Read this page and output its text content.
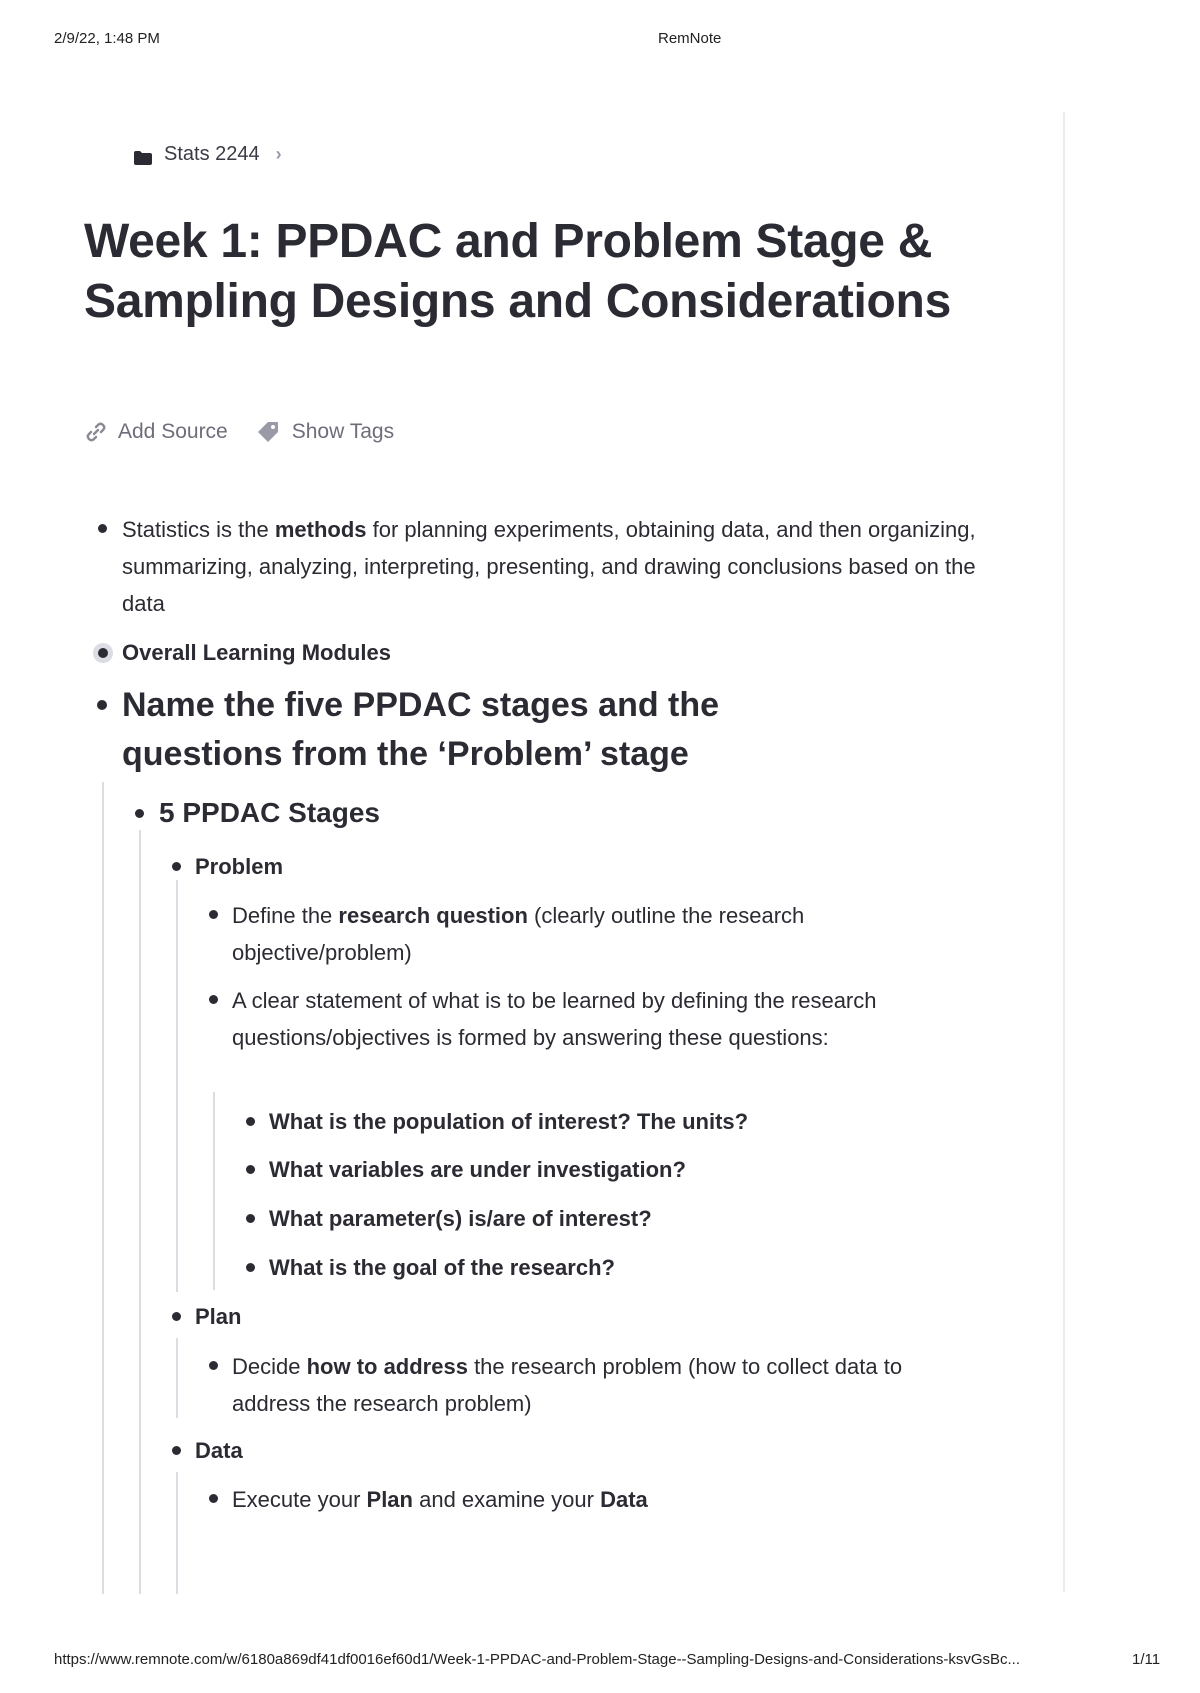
2/9/22, 1:48 PM	RemNote
Stats 2244 ›
Week 1: PPDAC and Problem Stage & Sampling Designs and Considerations
Add Source	Show Tags
Statistics is the methods for planning experiments, obtaining data, and then organizing, summarizing, analyzing, interpreting, presenting, and drawing conclusions based on the data
Overall Learning Modules
Name the five PPDAC stages and the questions from the ‘Problem’ stage
5 PPDAC Stages
Problem
Define the research question (clearly outline the research objective/problem)
A clear statement of what is to be learned by defining the research questions/objectives is formed by answering these questions:
What is the population of interest? The units?
What variables are under investigation?
What parameter(s) is/are of interest?
What is the goal of the research?
Plan
Decide how to address the research problem (how to collect data to address the research problem)
Data
Execute your Plan and examine your Data
https://www.remnote.com/w/6180a869df41df0016ef60d1/Week-1-PPDAC-and-Problem-Stage--Sampling-Designs-and-Considerations-ksvGsBc...	1/11
